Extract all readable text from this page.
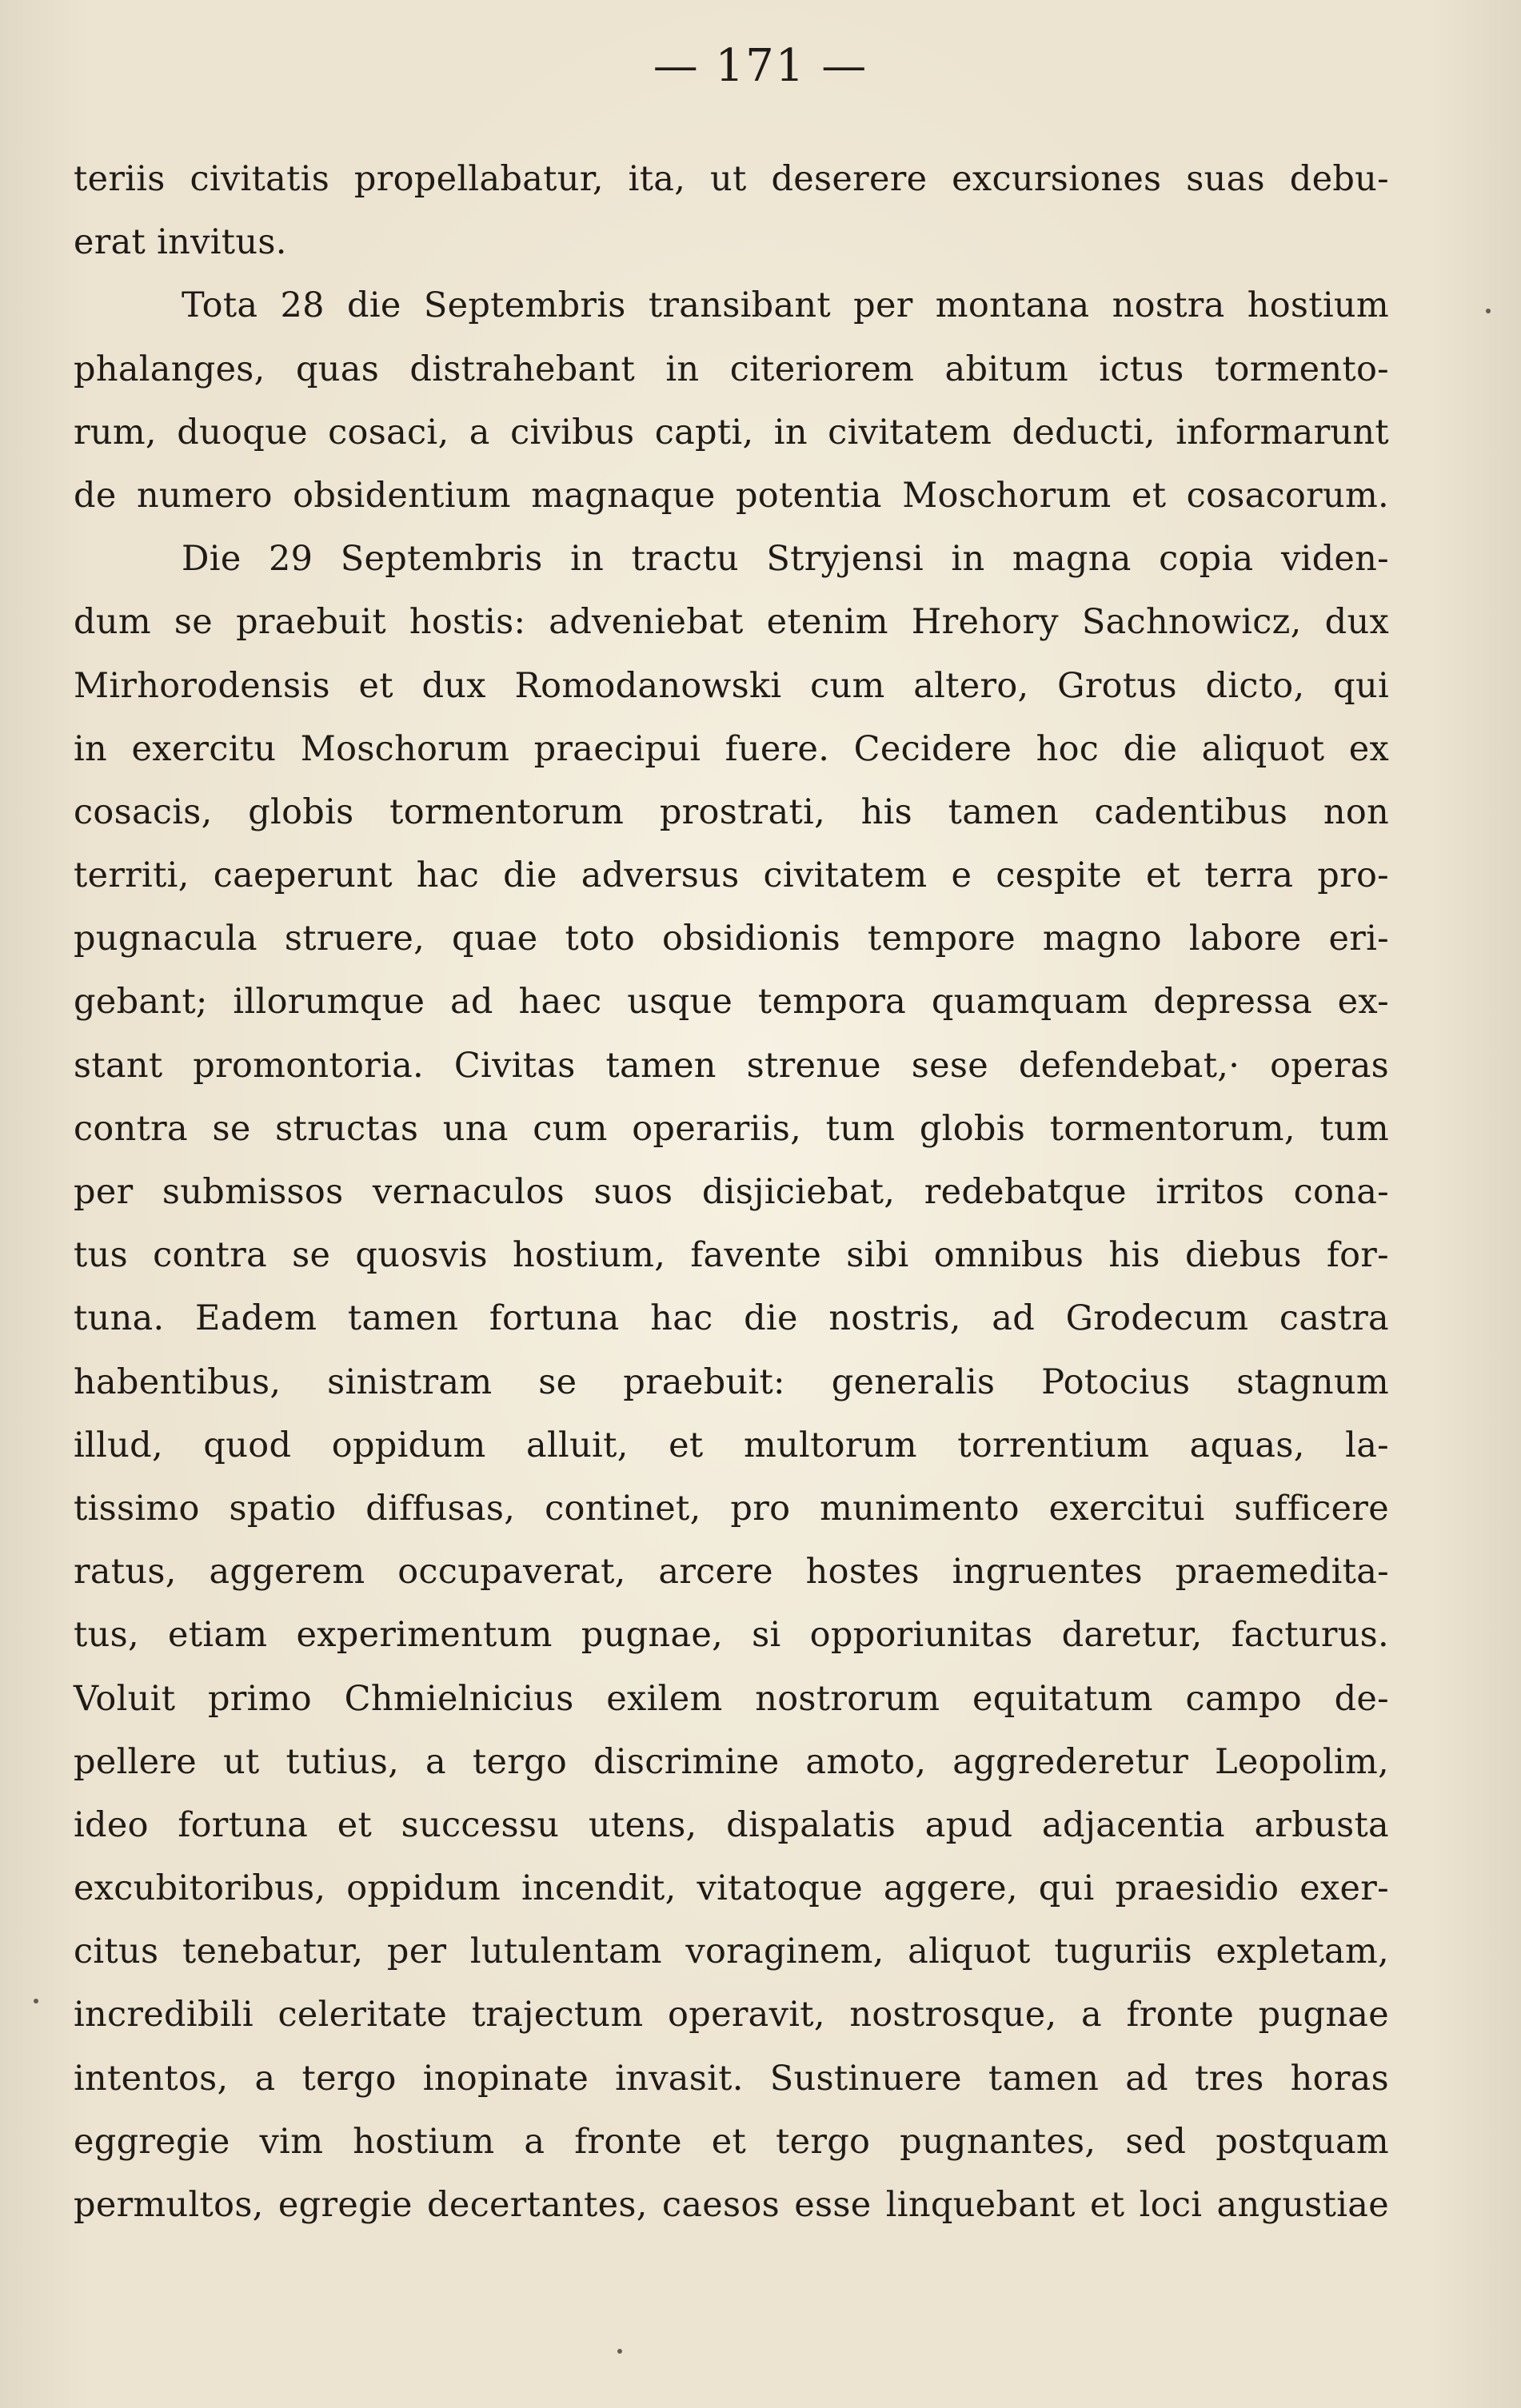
— 171 —
teriis civitatis propellabatur, ita, ut deserere excursiones suas debu-
erat invitus.
Tota 28 die Septembris transibant per montana nostra hostium
phalanges, quas distrahebant in citeriorem abitum ictus tormento-
rum, duoque cosaci, a civibus capti, in civitatem deducti, informarunt
de numero obsidentium magnaque potentia Moschorum et cosacorum.
Die 29 Septembris in tractu Stryjensi in magna copia viden-
dum se praebuit hostis: adveniebat etenim Hrehory Sachnowicz, dux
Mirhorodensis et dux Romodanowski cum altero, Grotus dicto, qui
in exercitu Moschorum praecipui fuere. Cecidere hoc die aliquot ex
cosacis, globis tormentorum prostrati, his tamen cadentibus non
territi, caeperunt hac die adversus civitatem e cespite et terra pro-
pugnacula struere, quae toto obsidionis tempore magno labore eri-
gebant; illorumque ad haec usque tempora quamquam depressa ex-
stant promontoria. Civitas tamen strenue sese defendebat,· operas
contra se structas una cum operariis, tum globis tormentorum, tum
per submissos vernaculos suos disjiciebat, redebatque irritos cona-
tus contra se quosvis hostium, favente sibi omnibus his diebus for-
tuna. Eadem tamen fortuna hac die nostris, ad Grodecum castra
habentibus, sinistram se praebuit: generalis Potocius stagnum
illud, quod oppidum alluit, et multorum torrentium aquas, la-
tissimo spatio diffusas, continet, pro munimento exercitui sufficere
ratus, aggerem occupaverat, arcere hostes ingruentes praemedita-
tus, etiam experimentum pugnae, si opporiunitas daretur, facturus.
Voluit primo Chmielnicius exilem nostrorum equitatum campo de-
pellere ut tutius, a tergo discrimine amoto, aggrederetur Leopolim,
ideo fortuna et successu utens, dispalatis apud adjacentia arbusta
excubitoribus, oppidum incendit, vitatoque aggere, qui praesidio exer-
citus tenebatur, per lutulentam voraginem, aliquot tuguriis expletam,
incredibili celeritate trajectum operavit, nostrosque, a fronte pugnae
intentos, a tergo inopinate invasit. Sustinuere tamen ad tres horas
eggregie vim hostium a fronte et tergo pugnantes, sed postquam
permultos, egregie decertantes, caesos esse linquebant et loci angustiae
